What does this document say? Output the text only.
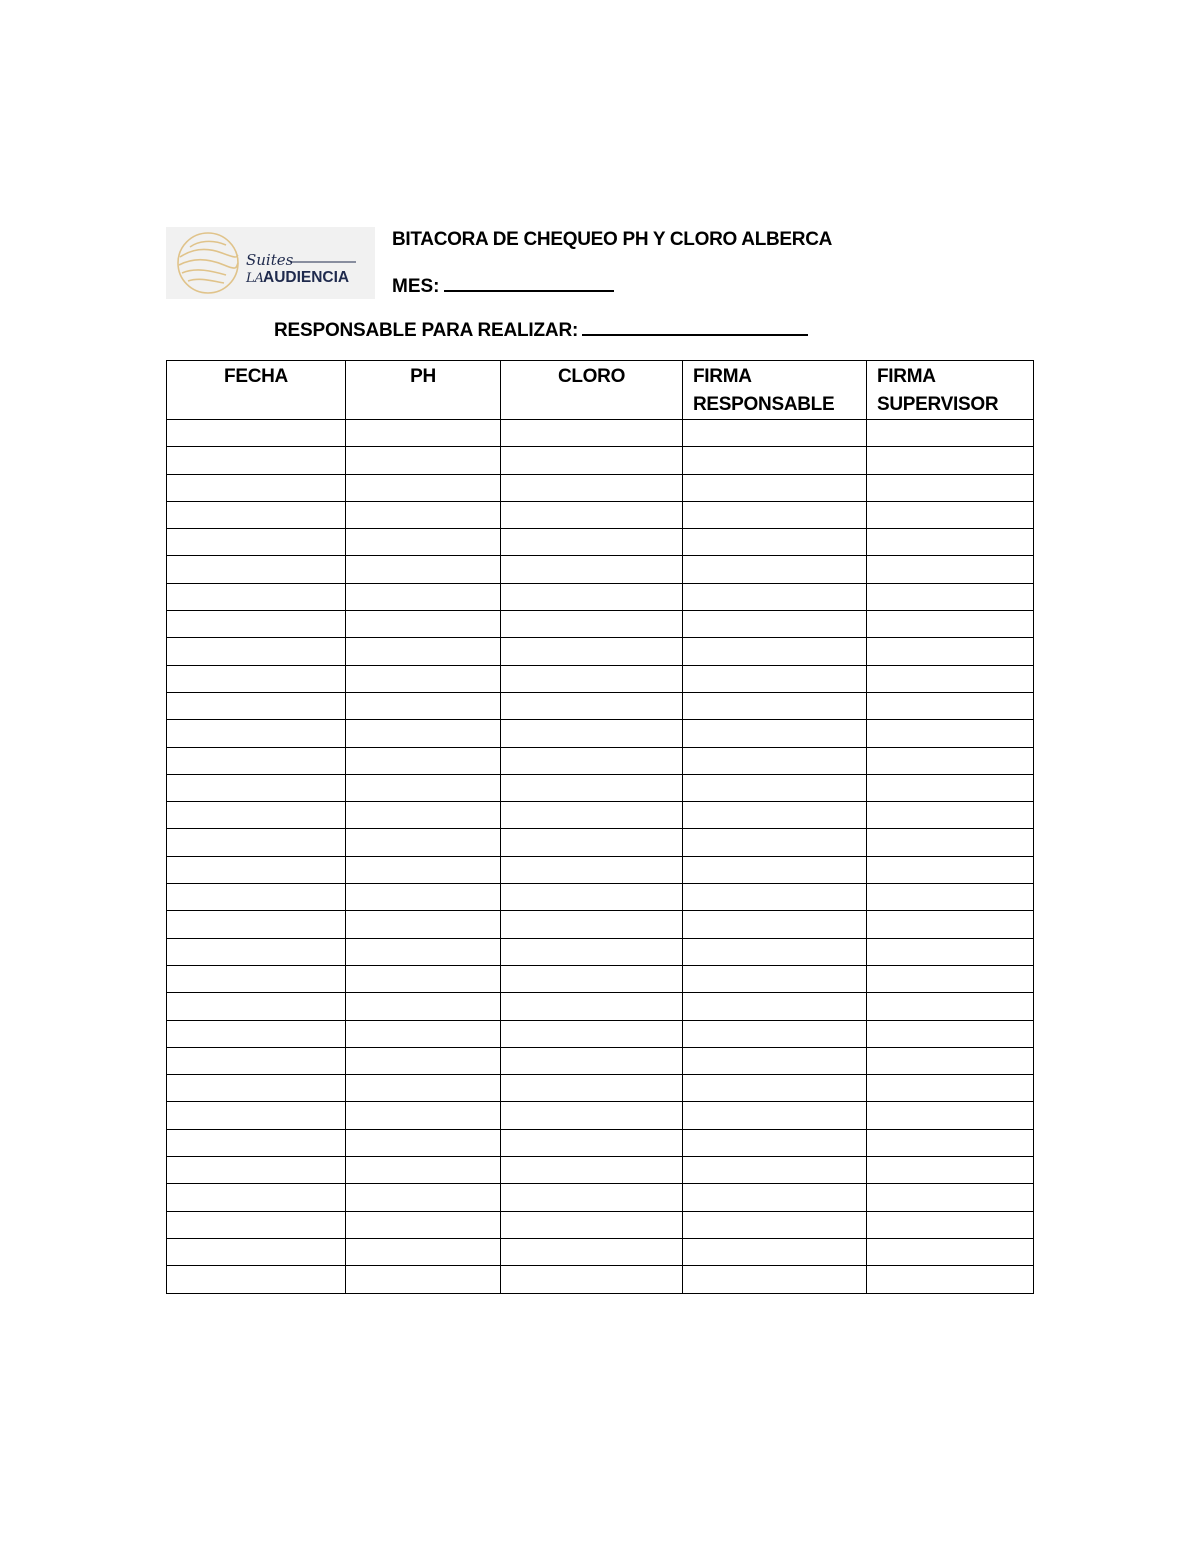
Suites
LA
AUDIENCIA
BITACORA DE CHEQUEO PH Y CLORO ALBERCA
MES:
RESPONSABLE PARA REALIZAR:
FECHA	PH	CLORO	FIRMA RESPONSABLE	FIRMA SUPERVISOR
